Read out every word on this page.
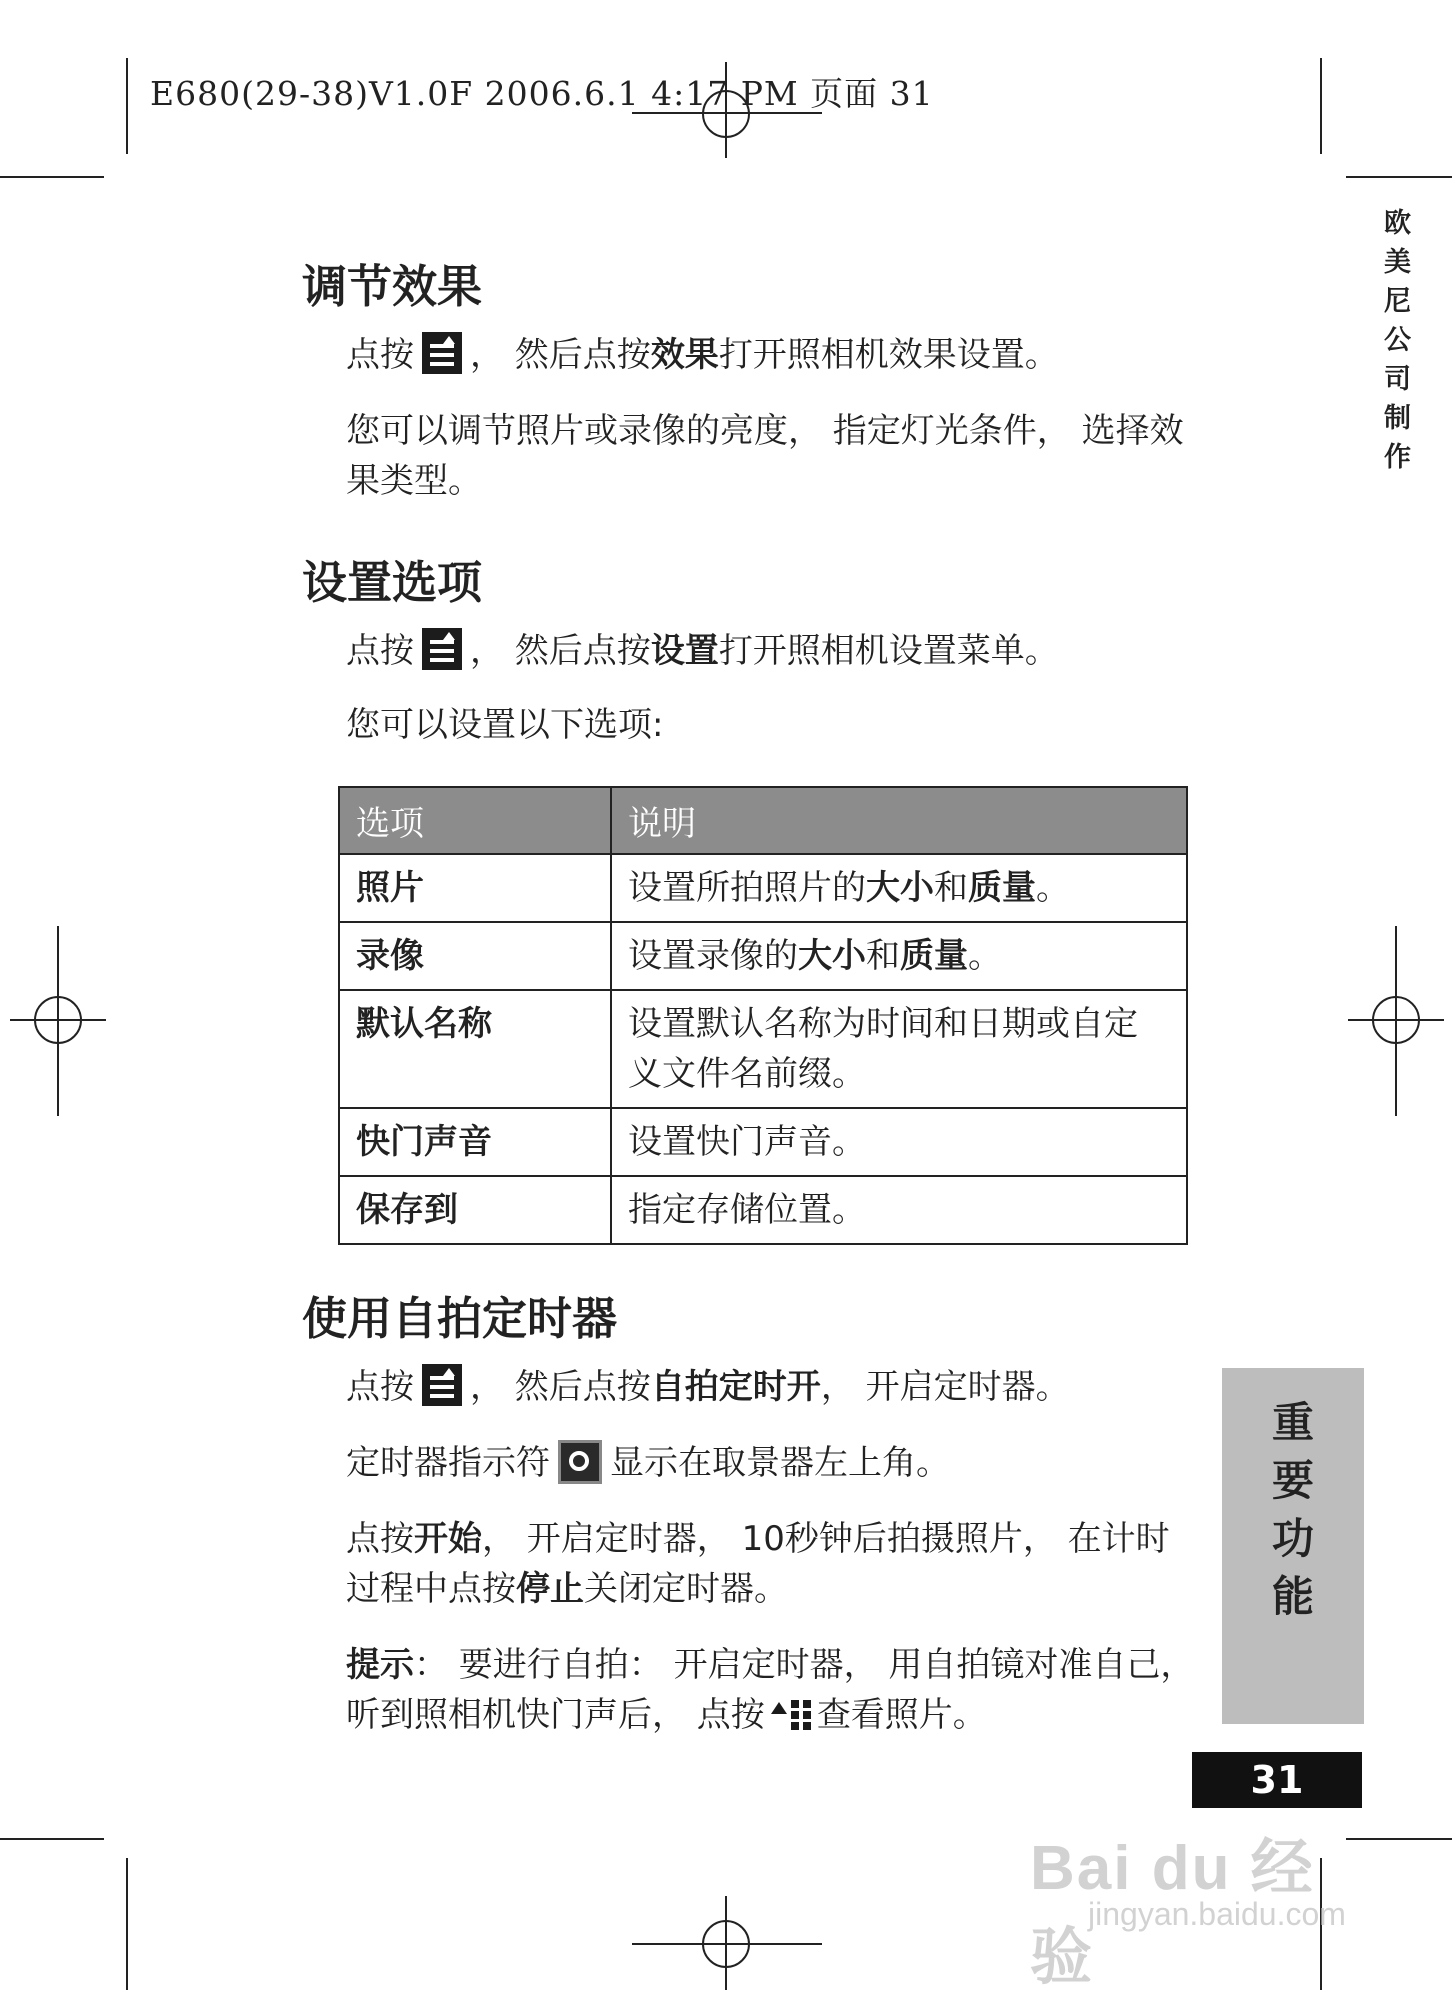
E680(29-38)V1.0F 2006.6.1 4:17 PM 页面 31
欧美尼公司制作
调节效果
点按 ， 然后点按效果打开照相机效果设置。
您可以调节照片或录像的亮度， 指定灯光条件， 选择效果类型。
设置选项
点按 ， 然后点按设置打开照相机设置菜单。
您可以设置以下选项:
选项	说明
照片	设置所拍照片的大小和质量。
录像	设置录像的大小和质量。
默认名称	设置默认名称为时间和日期或自定义文件名前缀。
快门声音	设置快门声音。
保存到	指定存储位置。
使用自拍定时器
点按 ， 然后点按自拍定时开， 开启定时器。
定时器指示符 显示在取景器左上角。
点按开始， 开启定时器， 10秒钟后拍摄照片， 在计时过程中点按停止关闭定时器。
提示： 要进行自拍： 开启定时器， 用自拍镜对准自己， 听到照相机快门声后， 点按 查看照片。
重要功能
31
Bai du 经验
jingyan.baidu.com
